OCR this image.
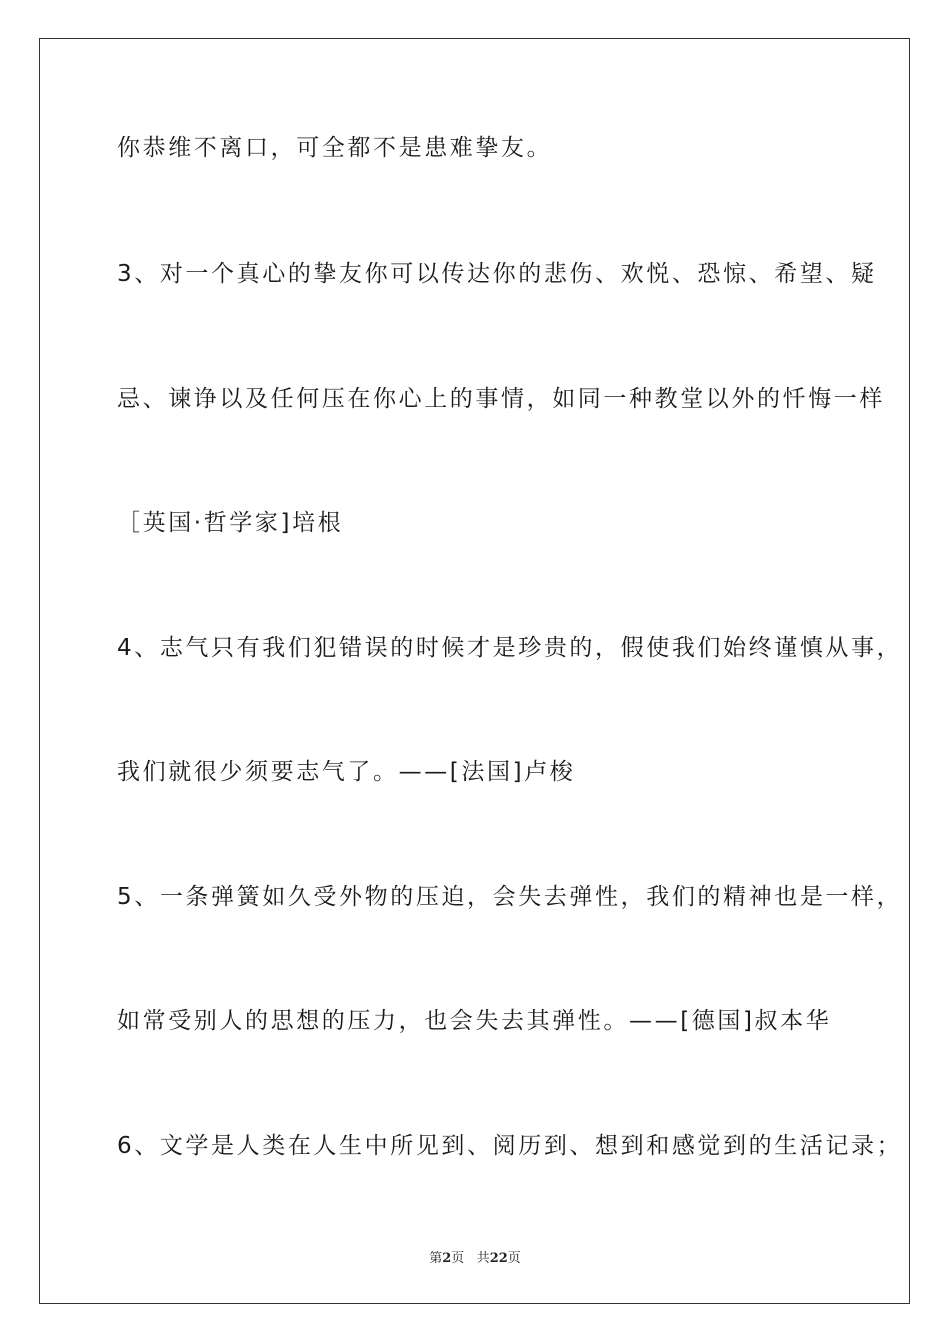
你恭维不离口，可全都不是患难挚友。
3、对一个真心的挚友你可以传达你的悲伤、欢悦、恐惊、希望、疑
忌、谏诤以及任何压在你心上的事情，如同一种教堂以外的忏悔一样
［英国·哲学家]培根
4、志气只有我们犯错误的时候才是珍贵的，假使我们始终谨慎从事，
我们就很少须要志气了。——[法国]卢梭
5、一条弹簧如久受外物的压迫，会失去弹性，我们的精神也是一样，
如常受别人的思想的压力，也会失去其弹性。——[德国]叔本华
6、文学是人类在人生中所见到、阅历到、想到和感觉到的生活记录；
第2页 共22页
